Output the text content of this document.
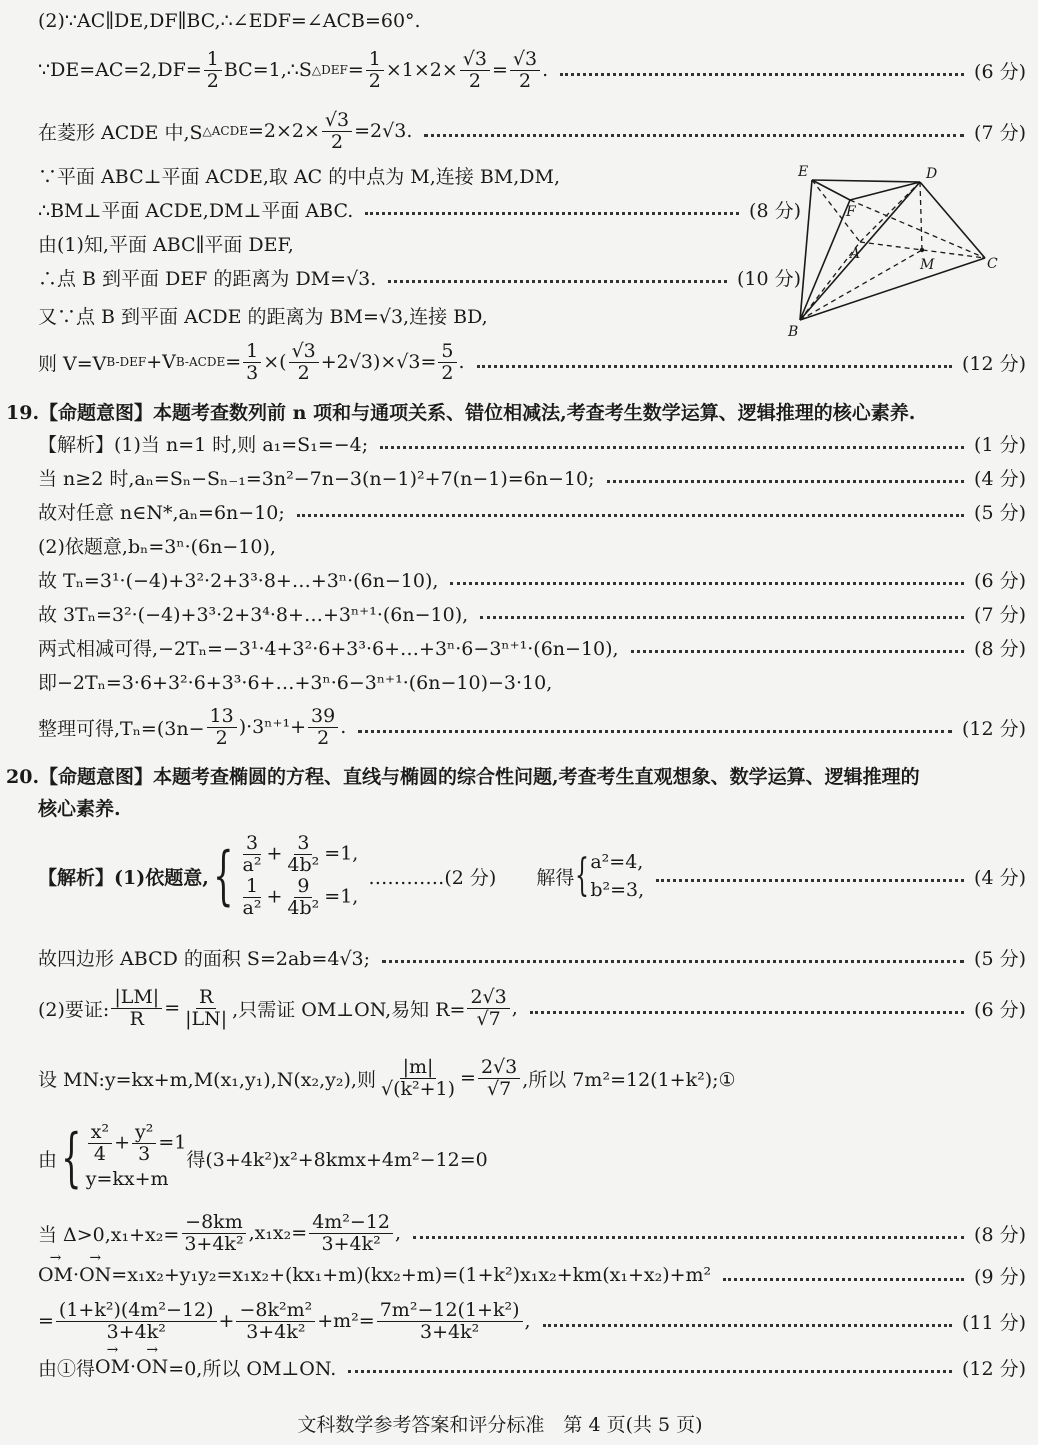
(2)∵AC∥DE,DF∥BC,∴∠EDF=∠ACB=60°.
∵DE=AC=2,DF= $\frac{1}{2}$ BC=1,∴S △DEF = $\frac{1}{2} \times 1\times 2\times \frac{√3}{2} = \frac{√3}{2}$ .	(6 分)
在菱形 ACDE 中,S △ACDE $=2\times 2\times \frac{√3}{2} =2√3$.	(7 分)
∵平面 ABC⊥平面 ACDE,取 AC 的中点为 M,连接 BM,DM,
∴BM⊥平面 ACDE,DM⊥平面 ABC.	(8 分)
由(1)知,平面 ABC∥平面 DEF,
∴点 B 到平面 DEF 的距离为 DM=√3.	(10 分)
又∵点 B 到平面 ACDE 的距离为 BM=√3,连接 BD,
则 V=V B-DEF +V B-ACDE = $\frac{1}{3}$ ×( $\frac{√3}{2} +2√3)\times√3= \frac{5}{2}$ .	(12 分)
E	D
F
A
M	C
B
19.【命题意图】本题考查数列前 n 项和与通项关系、错位相减法,考查考生数学运算、逻辑推理的核心素养.
【解析】(1)当 n=1 时,则 a₁=S₁=−4;	(1 分)
当 n≥2 时,aₙ=Sₙ−Sₙ₋₁=3n²−7n−3(n−1)²+7(n−1)=6n−10;	(4 分)
故对任意 n∈N*,aₙ=6n−10;	(5 分)
(2)依题意,bₙ=3ⁿ·(6n−10),
故 Tₙ=3¹·(−4)+3²·2+3³·8+…+3ⁿ·(6n−10),	(6 分)
故 3Tₙ=3²·(−4)+3³·2+3⁴·8+…+3ⁿ⁺¹·(6n−10),	(7 分)
两式相减可得,−2Tₙ=−3¹·4+3²·6+3³·6+…+3ⁿ·6−3ⁿ⁺¹·(6n−10),	(8 分)
即−2Tₙ=3·6+3²·6+3³·6+…+3ⁿ·6−3ⁿ⁺¹·(6n−10)−3·10,
整理可得$,T_n=(3n- \frac{13}{2} )\cdot 3^{n+1}+ \frac{39}{2}$ .	(12 分)
20.【命题意图】本题考查椭圆的方程、直线与椭圆的综合性问题,考查考生直观想象、数学运算、逻辑推理的
核心素养.
【解析】(1)依题意, { $\frac{3}{\text{a²}} + \frac{3}{\text{4b²}} =1$,
$\frac{1}{\text{a²}} + \frac{9}{\text{4b²}} =1$,
…………(2 分) 解得 { a²=4,
b²=3,
(4 分)
故四边形 ABCD 的面积 S=2ab=4√3;	(5 分)
(2)要证: $\frac{|LM|}{R} = \frac{R}{|LN|}$ ,只需证 OM⊥ON,易知 $R= \frac{2√3}{√7}$ ,	(6 分)
设 MN:y=kx+m,M(x₁,y₁),N(x₂,y₂),则 $\frac{|m|}{\text{√(k²+1)}} = \frac{2√3}{√7}$ ,所以 7m²=12(1+k²);①
由 { $\frac{\text{x²}}{4} + \frac{\text{y²}}{3} =1$
y=kx+m
得(3+4k²)x²+8kmx+4m²−12=0
当 $\Delta>0,x_1+x_2= \frac{-8km}{\text{3+4k²}} ,x_1x_2= \frac{\text{4m²−12}}{\text{3+4k²}}$ ,	(8 分)
→ OM · → ON =x₁x₂+y₁y₂=x₁x₂+(kx₁+m)(kx₂+m)=(1+k²)x₁x₂+km(x₁+x₂)+m²	(9 分)
= $\frac{\text{(1+k²)(4m²−12)}}{\text{3+4k²}} + \frac{\text{−8k²m²}}{\text{3+4k²}} +m^2= \frac{\text{7m²−12(1+k²)}}{\text{3+4k²}}$ ,	(11 分)
由①得 → OM · → ON =0,所以 OM⊥ON.	(12 分)
文科数学参考答案和评分标准　第 4 页(共 5 页)
